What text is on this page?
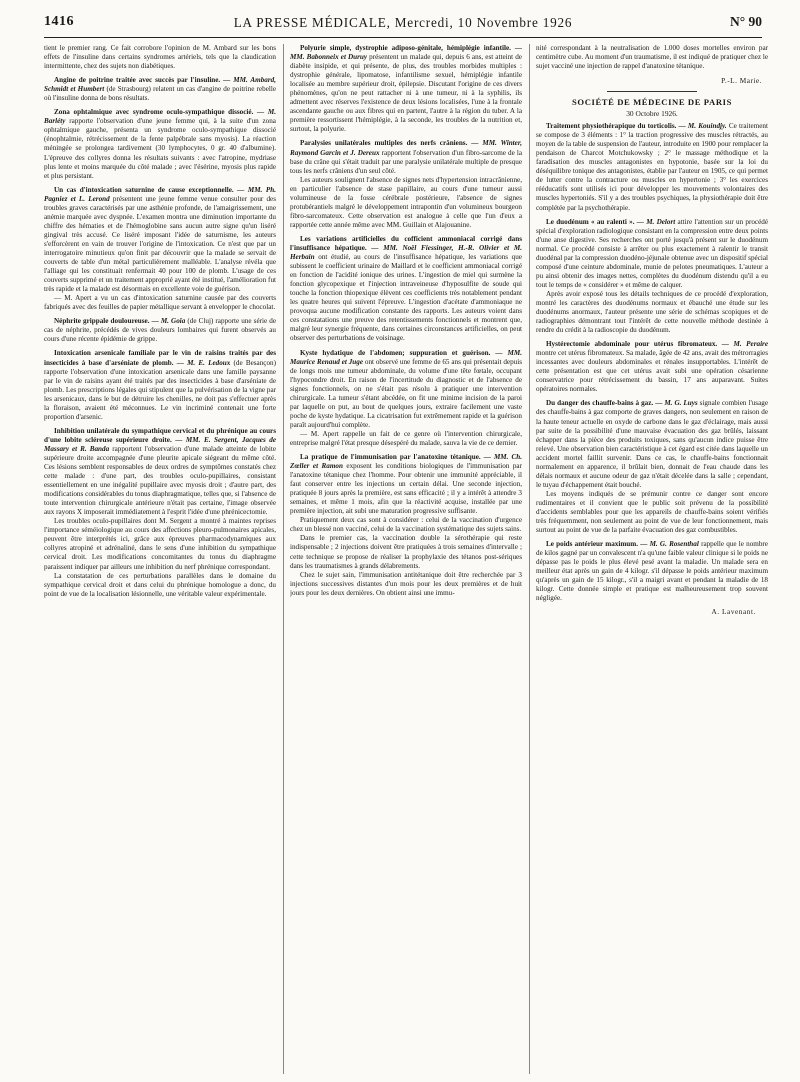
1416	LA PRESSE MÉDICALE, Mercredi, 10 Novembre 1926	N° 90
tient le premier rang. Ce fait corrobore l'opinion de M. Ambard sur les bons effets de l'insuline dans certains syndromes artériels, tels que la claudication intermittente, chez des sujets non diabétiques.
Angine de poitrine traitée avec succès par l'insuline. — MM. Ambard, Schmidt et Humbert (de Strasbourg) relatent un cas d'angine de poitrine rebelle où l'insuline donna de bons résultats.
Zona ophtalmique avec syndrome oculo-sympathique dissocié. — M. Barléty rapporte l'observation d'une jeune femme qui, à la suite d'un zona ophtalmique gauche, présenta un syndrome oculo-sympathique dissocié (énophtalmie, rétrécissement de la fente palpébrale sans myosis). La réaction méningée se prolongea tardivement (30 lymphocytes, 0 gr. 40 d'albumine). L'épreuve des collyres donna les résultats suivants : avec l'atropine, mydriase plus lente et moins marquée du côté malade ; avec l'ésérine, myosis plus rapide et plus persistant.
Un cas d'intoxication saturnine de cause exceptionnelle. — MM. Ph. Pagniez et L. Lerond présentent une jeune femme venue consulter pour des troubles graves caractérisés par une asthénie profonde, de l'amaigrissement, une anémie marquée avec dyspnée. L'examen montra une diminution importante du chiffre des hématies et de l'hémoglobine sans aucun autre signe qu'un liséré gingival très accusé. Ce liséré imposant l'idée de saturnisme, les auteurs s'efforcèrent en vain de trouver l'origine de l'intoxication. Ce n'est que par un interrogatoire minutieux qu'on finit par découvrir que la malade se servait de couverts de table d'un métal particulièrement malléable. L'analyse révéla que l'alliage qui les constituait renfermait 40 pour 100 de plomb. L'usage de ces couverts supprimé et un traitement approprié ayant été institué, l'amélioration fut très rapide et la malade est désormais en excellente voie de guérison.
— M. Apert a vu un cas d'intoxication saturnine causée par des couverts fabriqués avec des feuilles de papier métallique servant à envelopper le chocolat.
Néphrite grippale douloureuse. — M. Goïa (de Cluj) rapporte une série de cas de néphrite, précédés de vives douleurs lombaires qui furent observés au cours d'une récente épidémie de grippe.
Intoxication arsenicale familiale par le vin de raisins traités par des insecticides à base d'arséniate de plomb. — M. E. Ledoux (de Besançon) rapporte l'observation d'une intoxication arsenicale dans une famille paysanne par le vin de raisins ayant été traités par des insecticides à base d'arséniate de plomb. Les prescriptions légales qui stipulent que la pulvérisation de la vigne par les arsenicaux, dans le but de détruire les chenilles, ne doit pas s'effectuer après la floraison, avaient été méconnues. Le vin incriminé contenait une forte proportion d'arsenic.
Inhibition unilatérale du sympathique cervical et du phrénique au cours d'une lobite scléreuse supérieure droite. — MM. E. Sergent, Jacques de Massary et R. Banda rapportent l'observation d'une malade atteinte de lobite supérieure droite accompagnée d'une pleurite apicale siégeant du même côté. Ces lésions semblent responsables de deux ordres de symptômes constatés chez cette malade : d'une part, des troubles oculo-pupillaires, consistant essentiellement en une inégalité pupillaire avec myosis droit ; d'autre part, des modifications considérables du tonus diaphragmatique, telles que, si l'absence de toute intervention chirurgicale antérieure n'était pas certaine, l'image observée aux rayons X imposerait immédiatement à l'esprit l'idée d'une phrénicectomie.
Les troubles oculo-pupillaires dont M. Sergent a montré à maintes reprises l'importance séméiologique au cours des affections pleuro-pulmonaires apicales, peuvent être interprétés ici, grâce aux épreuves pharmacodynamiques aux collyres atropiné et adrénaliné, dans le sens d'une inhibition du sympathique cervical droit. Les modifications concomitantes du tonus du diaphragme paraissent indiquer par ailleurs une inhibition du nerf phrénique correspondant.
La constatation de ces perturbations parallèles dans le domaine du sympathique cervical droit et dans celui du phrénique homologue a donc, du point de vue de la localisation lésionnelle, une véritable valeur expérimentale.
Polyurie simple, dystrophie adiposo-génitale, hémiplégie infantile. — MM. Babonneix et Duruy présentent un malade qui, depuis 6 ans, est atteint de diabète insipide, et qui présente, de plus, des troubles morbides multiples : dystrophie générale, lipomatose, infantilisme sexuel, hémiplégie infantile localisée au membre supérieur droit, épilepsie. Discutant l'origine de ces divers phénomènes, qu'on ne peut rattacher ni à une tumeur, ni à la syphilis, ils admettent avec réserves l'existence de deux lésions localisées, l'une à la frontale ascendante gauche ou aux fibres qui en partent, l'autre à la région du tuber. A la première ressortissent l'hémiplégie, à la seconde, les troubles de la nutrition et, surtout, la polyurie.
Paralysies unilatérales multiples des nerfs crâniens. — MM. Winter, Raymond Garcin et J. Dereux rapportent l'observation d'un fibro-sarcome de la base du crâne qui s'était traduit par une paralysie unilatérale multiple de presque tous les nerfs crâniens d'un seul côté.
Les auteurs soulignent l'absence de signes nets d'hypertension intracrânienne, en particulier l'absence de stase papillaire, au cours d'une tumeur aussi volumineuse de la fosse cérébrale postérieure, l'absence de signes protubérantiels malgré le développement intrapontin d'un volumineux bourgeon fibro-sarcomateux. Cette observation est analogue à celle que l'un d'eux a rapportée cette année même avec MM. Guillain et Alajouanine.
Les variations artificielles du cofficient ammoniacal corrigé dans l'insuffisance hépatique. — MM. Noël Fiessinger, H.-R. Olivier et M. Herbain ont étudié, au cours de l'insuffisance hépatique, les variations que subissent le coefficient urinaire de Maillard et le coefficient ammoniacal corrigé en fonction de l'acidité ionique des urines. L'ingestion de miel qui surmène la fonction glycopexique et l'injection intraveineuse d'hyposulfite de soude qui touche la fonction thiopexique élèvent ces coefficients très notablement pendant les quatre heures qui suivent l'épreuve. L'ingestion d'acétate d'ammoniaque ne provoqua aucune modification constante des rapports. Les auteurs voient dans ces constatations une preuve des retentissements fonctionnels et montrent que, malgré leur synergie fréquente, dans certaines circonstances artificielles, on peut observer des perturbations de voisinage.
Kyste hydatique de l'abdomen; suppuration et guérison. — MM. Maurice Renaud et Juge ont observé une femme de 65 ans qui présentait depuis de longs mois une tumeur abdominale, du volume d'une tête fœtale, occupant l'hypocondre droit. En raison de l'incertitude du diagnostic et de l'absence de signes fonctionnels, on ne s'était pas résolu à pratiquer une intervention chirurgicale. La tumeur s'étant abcédée, on fit une minime incision de la paroi par laquelle on put, au bout de quelques jours, extraire facilement une vaste poche de kyste hydatique. La cicatrisation fut extrêmement rapide et la guérison paraît aujourd'hui complète.
— M. Apert rappelle un fait de ce genre où l'intervention chirurgicale, entreprise malgré l'état presque désespéré du malade, sauva la vie de ce dernier.
La pratique de l'immunisation par l'anatoxine tétanique. — MM. Ch. Zœller et Ramon exposent les conditions biologiques de l'immunisation par l'anatoxine tétanique chez l'homme. Pour obtenir une immunité appréciable, il faut conserver entre les injections un certain délai. Une seconde injection, pratiquée 8 jours après la première, est sans efficacité ; il y a intérêt à attendre 3 semaines, et même 1 mois, afin que la réactivité acquise, installée par une première injection, ait subi une maturation progressive suffisante.
Pratiquement deux cas sont à considérer : celui de la vaccination d'urgence chez un blessé non vacciné, celui de la vaccination systématique des sujets sains.
Dans le premier cas, la vaccination double la sérothérapie qui reste indispensable ; 2 injections doivent être pratiquées à trois semaines d'intervalle ; cette technique se propose de réaliser la prophylaxie des tétanos post-sériques dans les traumatismes à grands délabrements.
Chez le sujet sain, l'immunisation antitétanique doit être recherchée par 3 injections successives distantes d'un mois pour les deux premières et de huit jours pour les deux dernières. On obtient ainsi une immu-
nité correspondant à la neutralisation de 1.000 doses mortelles environ par centimètre cube. Au moment d'un traumatisme, il est indiqué de pratiquer chez le sujet vacciné une injection de rappel d'anatoxine tétanique.
P.-L. Marie.
SOCIÉTÉ DE MÉDECINE DE PARIS
30 Octobre 1926.
Traitement physiothérapique du torticolis. — M. Kouindjy. Ce traitement se compose de 3 éléments : 1° la traction progressive des muscles rétractés, au moyen de la table de suspension de l'auteur, introduite en 1900 pour remplacer la pendaison de Charcot Motchukowsky ; 2° le massage méthodique et la faradisation des muscles antagonistes en hypotonie, basée sur la loi du déséquilibre tonique des antagonistes, établie par l'auteur en 1905, ce qui permet de lutter contre la contracture ou muscles en hypertonie ; 3° les exercices rééducatifs sont utilisés ici pour développer les mouvements volontaires des muscles hypertoniés. S'il y a des troubles psychiques, la physiothérapie doit être complétée par la psychothérapie.
Le duodénum « au ralenti ». — M. Delort attire l'attention sur un procédé spécial d'exploration radiologique consistant en la compression entre deux points d'une anse digestive. Ses recherches ont porté jusqu'à présent sur le duodénum normal. Ce procédé consiste à arrêter ou plus exactement à ralentir le transit duodénal par la compression duodéno-jéjunale obtenue avec un dispositif spécial composé d'une ceinture abdominale, munie de pelotes pneumatiques. L'auteur a pu ainsi obtenir des images nettes, complètes du duodénum distendu qu'il a eu tout le temps de « considérer » et même de calquer.
Après avoir exposé tous les détails techniques de ce procédé d'exploration, montré les caractères des duodénums normaux et ébauché une étude sur les duodénums anormaux, l'auteur présente une série de schémas scopiques et de radiographies démontrant tout l'intérêt de cette nouvelle méthode destinée à rendre du crédit à la radioscopie du duodénum.
Hystérectomie abdominale pour utérus fibromateux. — M. Peraire montre cet utérus fibromateux. Sa malade, âgée de 42 ans, avait des métrorragies incessantes avec douleurs abdominales et rénales insupportables. L'intérêt de cette présentation est que cet utérus avait subi une opération césarienne conservatrice pour rétrécissement du bassin, 17 ans auparavant. Suites opératoires normales.
Du danger des chauffe-bains à gaz. — M. G. Luys signale combien l'usage des chauffe-bains à gaz comporte de graves dangers, non seulement en raison de la haute teneur actuelle en oxyde de carbone dans le gaz d'éclairage, mais aussi par suite de la possibilité d'une mauvaise évacuation des gaz brûlés, laissant échapper dans la pièce des produits toxiques, sans qu'aucun indice puisse être relevé. Une observation bien caractéristique à cet égard est citée dans laquelle un accident mortel faillit survenir. Dans ce cas, le chauffe-bains fonctionnait normalement en apparence, il brûlait bien, donnait de l'eau chaude dans les délais normaux et aucune odeur de gaz n'était décelée dans la salle ; cependant, le tuyau d'échappement était bouché.
Les moyens indiqués de se prémunir contre ce danger sont encore rudimentaires et il convient que le public soit prévenu de la possibilité d'accidents semblables pour que les appareils de chauffe-bains soient vérifiés très fréquemment, non seulement au point de vue de leur fonctionnement, mais surtout au point de vue de la parfaite évacuation des gaz combustibles.
Le poids antérieur maximum. — M. G. Rosenthal rappelle que le nombre de kilos gagné par un convalescent n'a qu'une faible valeur clinique si le poids ne dépasse pas le poids le plus élevé pesé avant la maladie. Un malade sera en meilleur état après un gain de 4 kilogr. s'il dépasse le poids antérieur maximum qu'après un gain de 15 kilogr., s'il a maigri avant et pendant la maladie de 18 kilogr. Cette donnée simple et pratique est malheureusement trop souvent négligée.
A. Lavenant.
